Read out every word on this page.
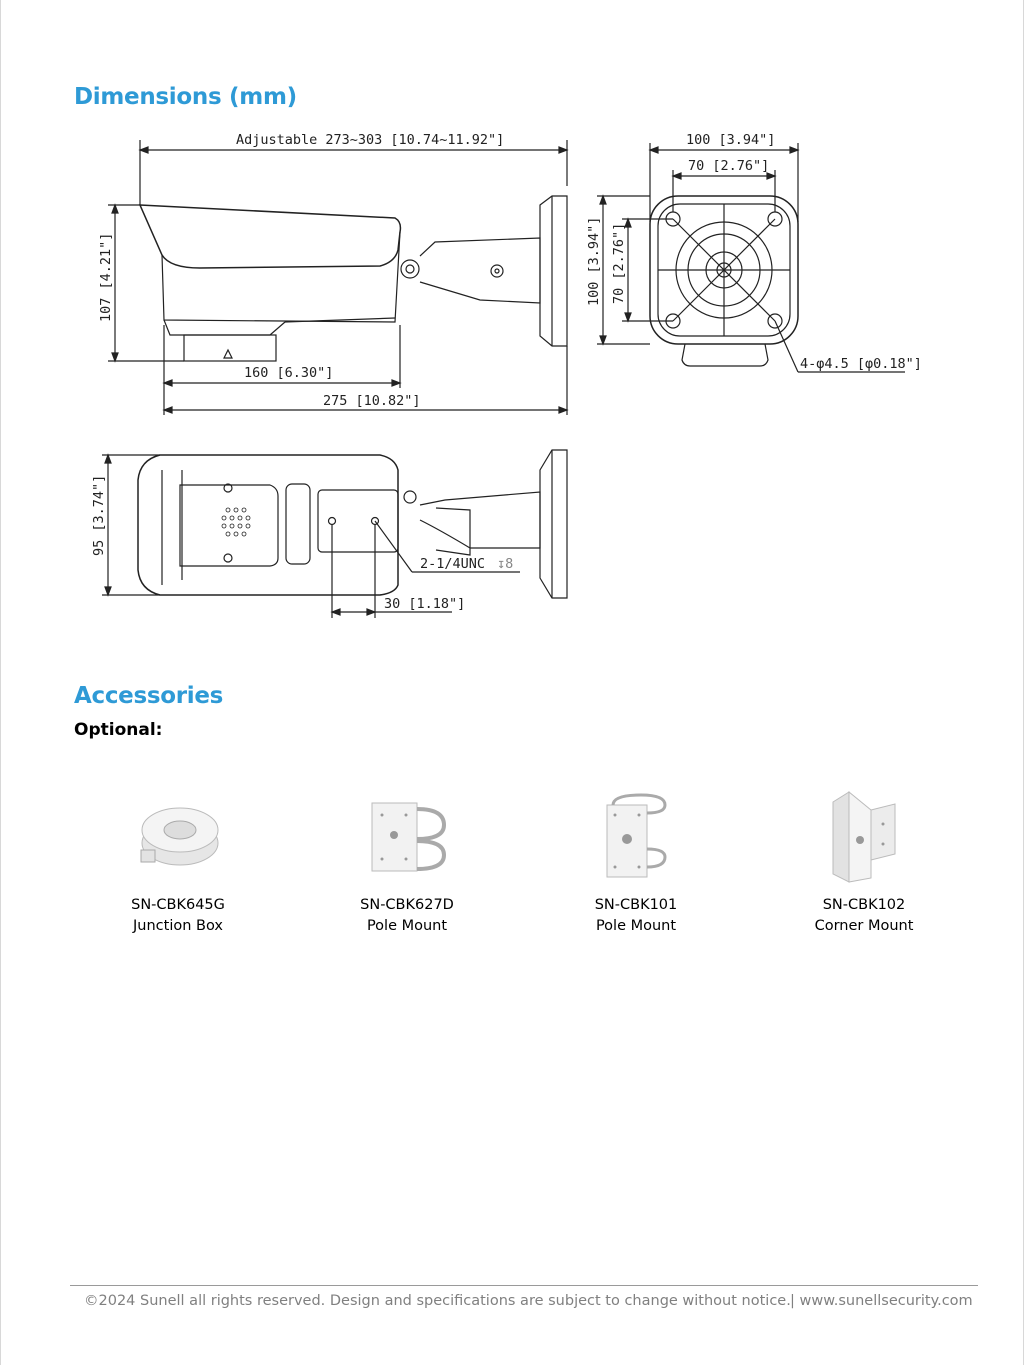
Dimensions (mm)
Adjustable 273~303 [10.74~11.92"]
107 [4.21"]
160 [6.30"]
275 [10.82"]
100 [3.94"]
70 [2.76"]
100 [3.94"] 70 [2.76"]
4-φ4.5 [φ0.18"]
95 [3.74"]
2-1/4UNC ↧8
30 [1.18"]
Accessories
Optional:
SN-CBK645G
Junction Box
SN-CBK627D
Pole Mount
SN-CBK101
Pole Mount
SN-CBK102
Corner Mount
©2024 Sunell all rights reserved. Design and specifications are subject to change without notice. | www.sunellsecurity.com
